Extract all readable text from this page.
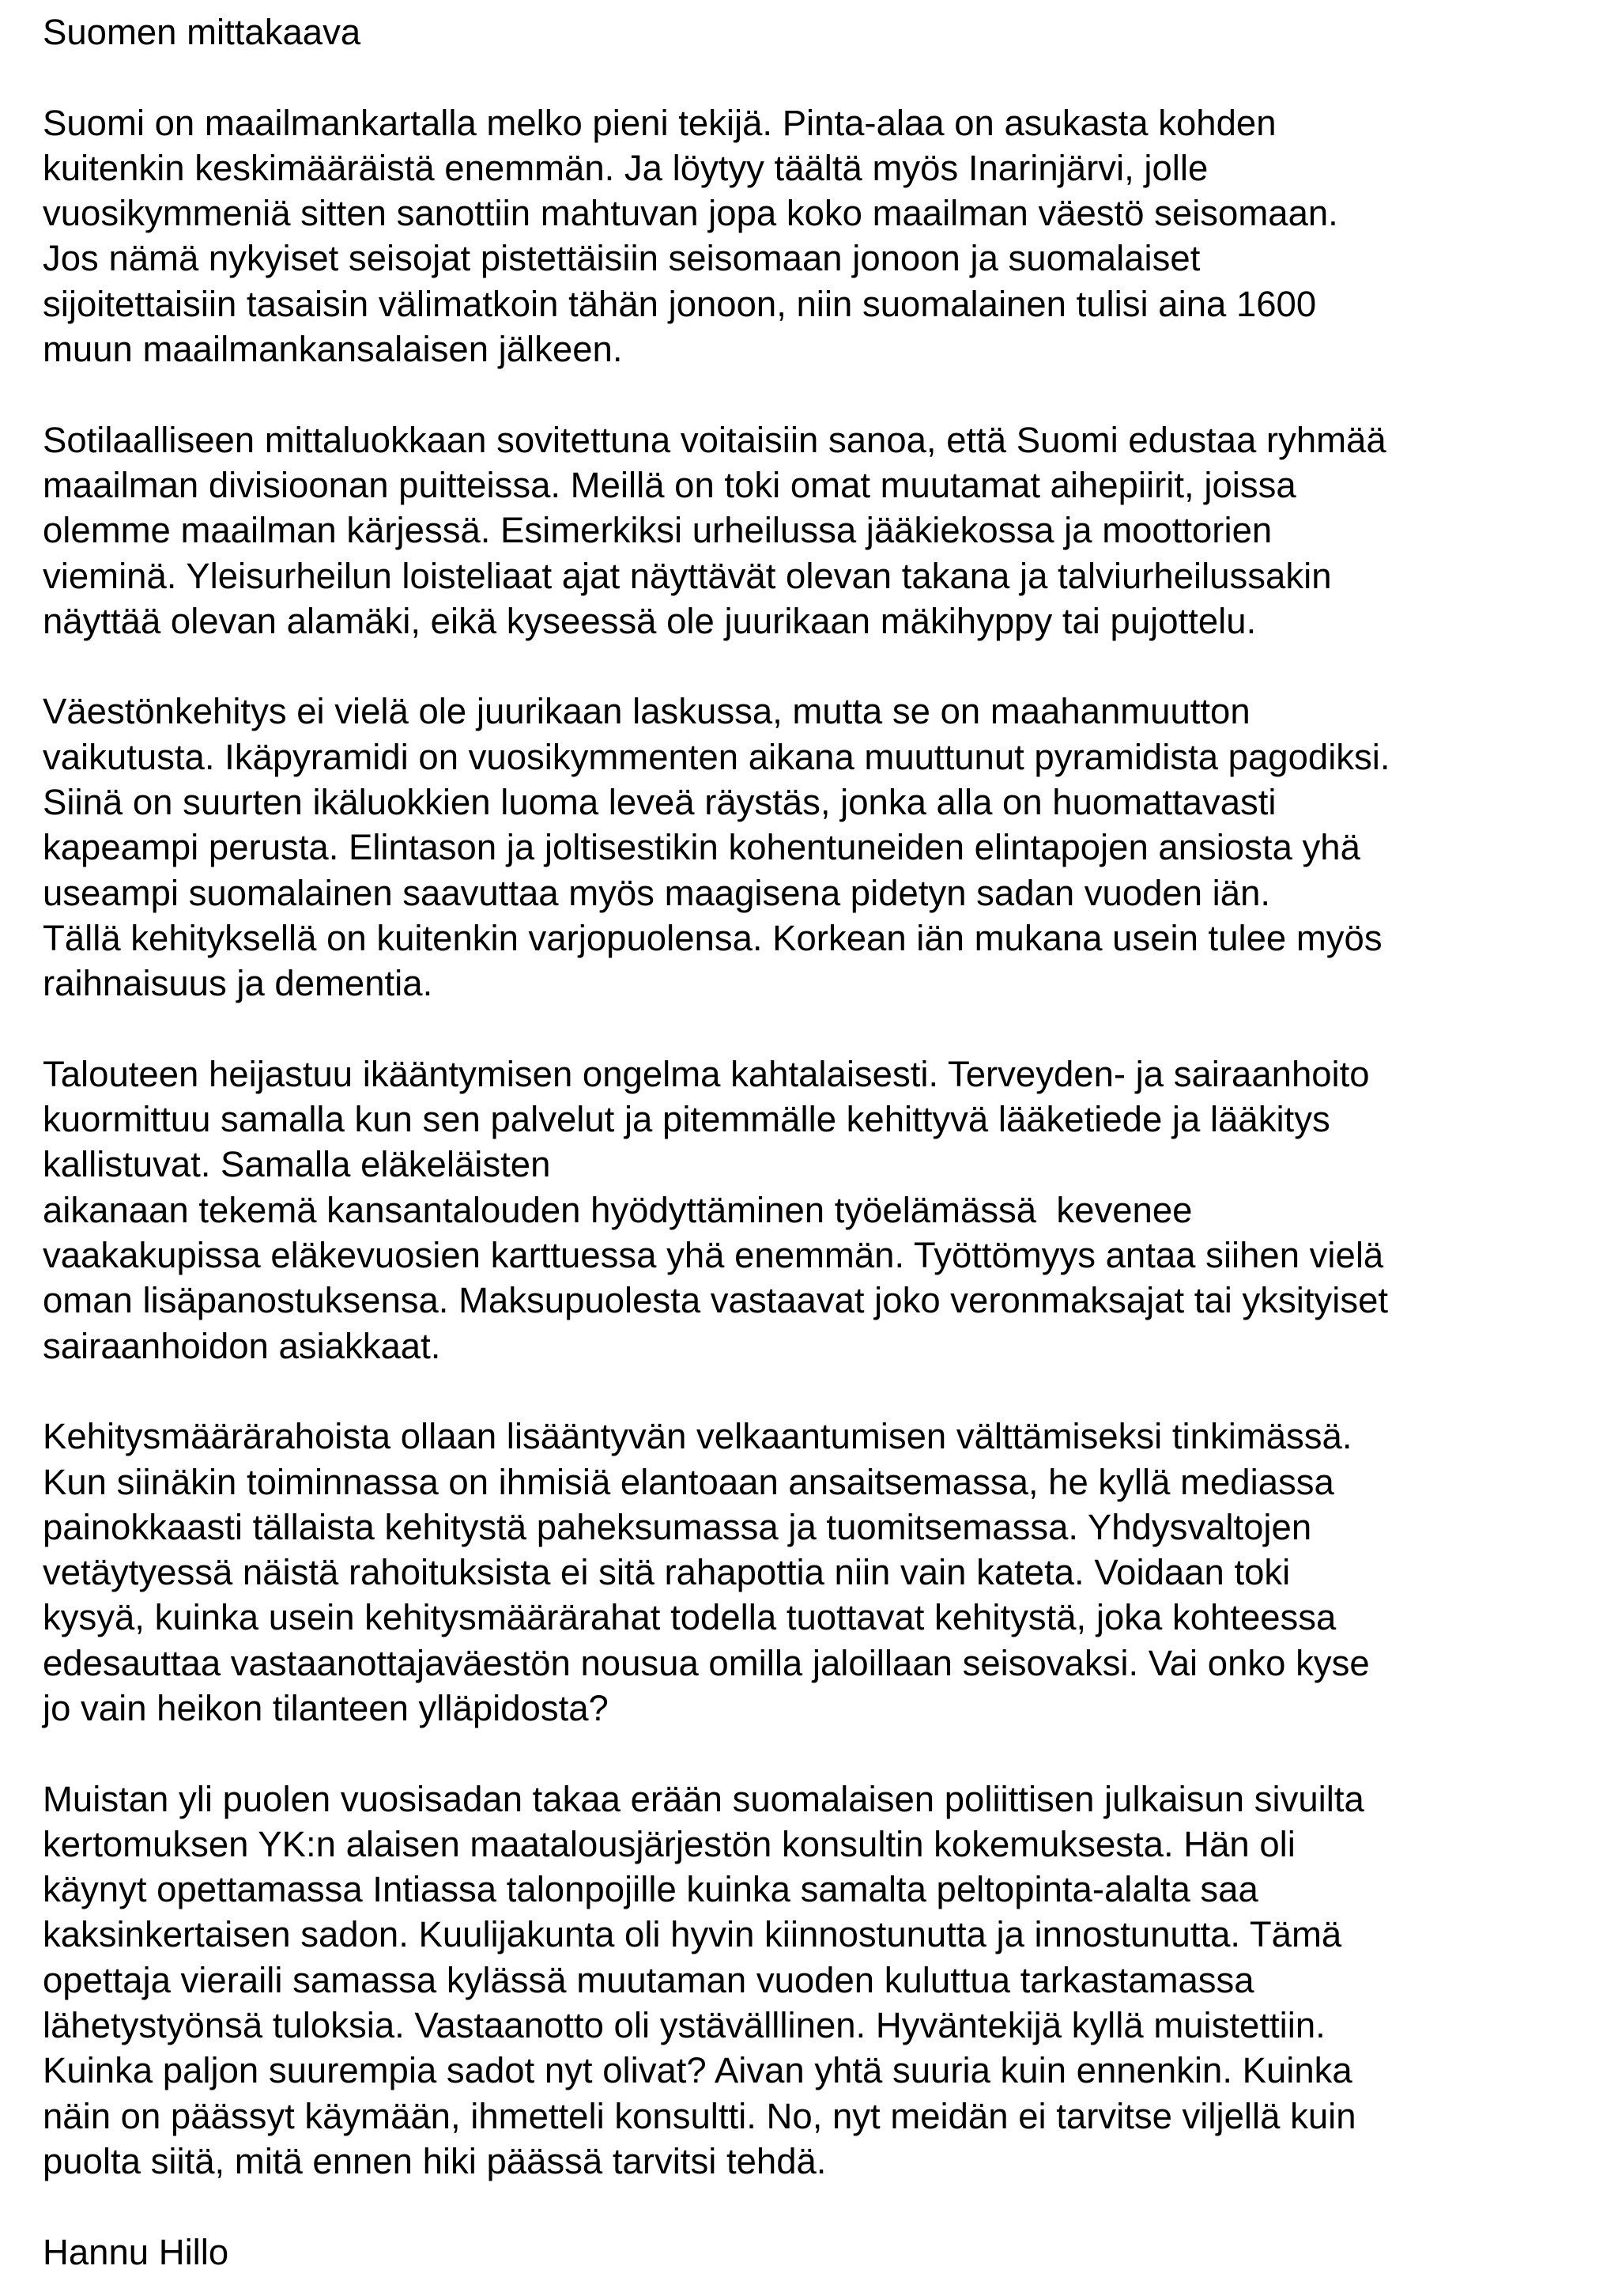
Suomen mittakaava
Suomi on maailmankartalla melko pieni tekijä. Pinta-alaa on asukasta kohden
kuitenkin keskimääräistä enemmän. Ja löytyy täältä myös Inarinjärvi, jolle
vuosikymmeniä sitten sanottiin mahtuvan jopa koko maailman väestö seisomaan.
Jos nämä nykyiset seisojat pistettäisiin seisomaan jonoon ja suomalaiset
sijoitettaisiin tasaisin välimatkoin tähän jonoon, niin suomalainen tulisi aina 1600
muun maailmankansalaisen jälkeen.
Sotilaalliseen mittaluokkaan sovitettuna voitaisiin sanoa, että Suomi edustaa ryhmää
maailman divisioonan puitteissa. Meillä on toki omat muutamat aihepiirit, joissa
olemme maailman kärjessä. Esimerkiksi urheilussa jääkiekossa ja moottorien
vieminä. Yleisurheilun loisteliaat ajat näyttävät olevan takana ja talviurheilussakin
näyttää olevan alamäki, eikä kyseessä ole juurikaan mäkihyppy tai pujottelu.
Väestönkehitys ei vielä ole juurikaan laskussa, mutta se on maahanmuutton
vaikutusta. Ikäpyramidi on vuosikymmenten aikana muuttunut pyramidista pagodiksi.
Siinä on suurten ikäluokkien luoma leveä räystäs, jonka alla on huomattavasti
kapeampi perusta. Elintason ja joltisestikin kohentuneiden elintapojen ansiosta yhä
useampi suomalainen saavuttaa myös maagisena pidetyn sadan vuoden iän.
Tällä kehityksellä on kuitenkin varjopuolensa. Korkean iän mukana usein tulee myös
raihnaisuus ja dementia.
Talouteen heijastuu ikääntymisen ongelma kahtalaisesti. Terveyden- ja sairaanhoito
kuormittuu samalla kun sen palvelut ja pitemmälle kehittyvä lääketiede ja lääkitys
kallistuvat. Samalla eläkeläisten
aikanaan tekemä kansantalouden hyödyttäminen työelämässä  kevenee
vaakakupissa eläkevuosien karttuessa yhä enemmän. Työttömyys antaa siihen vielä
oman lisäpanostuksensa. Maksupuolesta vastaavat joko veronmaksajat tai yksityiset
sairaanhoidon asiakkaat.
Kehitysmäärärahoista ollaan lisääntyvän velkaantumisen välttämiseksi tinkimässä.
Kun siinäkin toiminnassa on ihmisiä elantoaan ansaitsemassa, he kyllä mediassa
painokkaasti tällaista kehitystä paheksumassa ja tuomitsemassa. Yhdysvaltojen
vetäytyessä näistä rahoituksista ei sitä rahapottia niin vain kateta. Voidaan toki
kysyä, kuinka usein kehitysmäärärahat todella tuottavat kehitystä, joka kohteessa
edesauttaa vastaanottajaväestön nousua omilla jaloillaan seisovaksi. Vai onko kyse
jo vain heikon tilanteen ylläpidosta?
Muistan yli puolen vuosisadan takaa erään suomalaisen poliittisen julkaisun sivuilta
kertomuksen YK:n alaisen maatalousjärjestön konsultin kokemuksesta. Hän oli
käynyt opettamassa Intiassa talonpojille kuinka samalta peltopinta-alalta saa
kaksinkertaisen sadon. Kuulijakunta oli hyvin kiinnostunutta ja innostunutta. Tämä
opettaja vieraili samassa kylässä muutaman vuoden kuluttua tarkastamassa
lähetystyönsä tuloksia. Vastaanotto oli ystävälllinen. Hyväntekijä kyllä muistettiin.
Kuinka paljon suurempia sadot nyt olivat? Aivan yhtä suuria kuin ennenkin. Kuinka
näin on päässyt käymään, ihmetteli konsultti. No, nyt meidän ei tarvitse viljellä kuin
puolta siitä, mitä ennen hiki päässä tarvitsi tehdä.
Hannu Hillo
